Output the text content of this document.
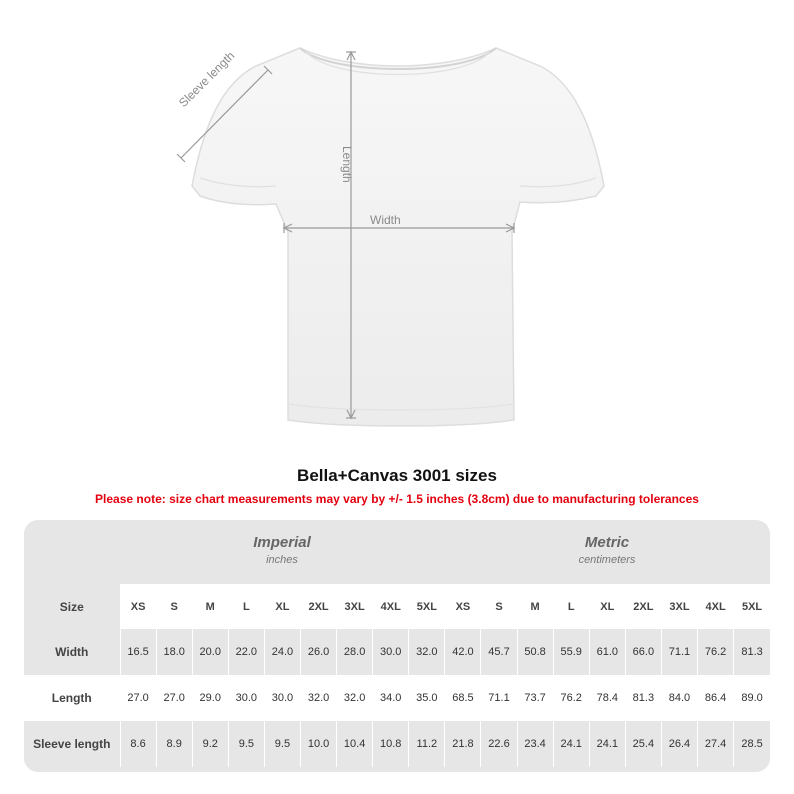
Sleeve length
Length
Width
Bella+Canvas 3001 sizes
Please note: size chart measurements may vary by +/- 1.5 inches (3.8cm) due to manufacturing tolerances
Imperial
inches
Metric
centimeters
Size	XS	S	M	L	XL	2XL	3XL	4XL	5XL	XS	S	M	L	XL	2XL	3XL	4XL	5XL
Width	16.5	18.0	20.0	22.0	24.0	26.0	28.0	30.0	32.0	42.0	45.7	50.8	55.9	61.0	66.0	71.1	76.2	81.3
Length	27.0	27.0	29.0	30.0	30.0	32.0	32.0	34.0	35.0	68.5	71.1	73.7	76.2	78.4	81.3	84.0	86.4	89.0
Sleeve length	8.6	8.9	9.2	9.5	9.5	10.0	10.4	10.8	11.2	21.8	22.6	23.4	24.1	24.1	25.4	26.4	27.4	28.5
